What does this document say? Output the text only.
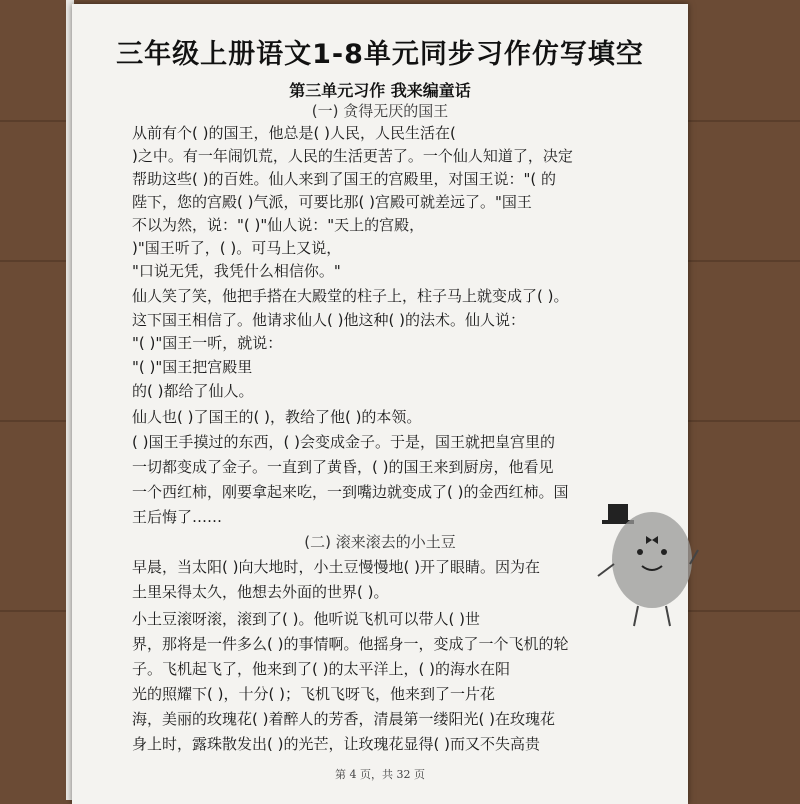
三年级上册语文1-8单元同步习作仿写填空
第三单元习作 我来编童话
(一) 贪得无厌的国王
从前有个( )的国王，他总是( )人民，人民生活在(
)之中。有一年闹饥荒，人民的生活更苦了。一个仙人知道了，决定
帮助这些( )的百姓。仙人来到了国王的宫殿里，对国王说："( 的
陛下，您的宫殿( )气派，可要比那( )宫殿可就差远了。"国王
不以为然，说："( )"仙人说："天上的宫殿，
)"国王听了，( )。可马上又说，
"口说无凭，我凭什么相信你。"
仙人笑了笑，他把手搭在大殿堂的柱子上，柱子马上就变成了( )。
这下国王相信了。他请求仙人( )他这种( )的法术。仙人说：
"( )"国王一听，就说：
"( )"国王把宫殿里
的( )都给了仙人。
仙人也( )了国王的( )，教给了他( )的本领。
( )国王手摸过的东西，( )会变成金子。于是，国王就把皇宫里的
一切都变成了金子。一直到了黄昏，( )的国王来到厨房，他看见
一个西红柿，刚要拿起来吃，一到嘴边就变成了( )的金西红柿。国
王后悔了……
(二) 滚来滚去的小土豆
早晨，当太阳( )向大地时，小土豆慢慢地( )开了眼睛。因为在
土里呆得太久，他想去外面的世界( )。
小土豆滚呀滚，滚到了( )。他听说飞机可以带人( )世
界，那将是一件多么( )的事情啊。他摇身一，变成了一个飞机的轮
子。飞机起飞了，他来到了( )的太平洋上，( )的海水在阳
光的照耀下( )，十分( )；飞机飞呀飞，他来到了一片花
海，美丽的玫瑰花( )着醉人的芳香，清晨第一缕阳光( )在玫瑰花
身上时，露珠散发出( )的光芒，让玫瑰花显得( )而又不失高贵
第 4 页，共 32 页
